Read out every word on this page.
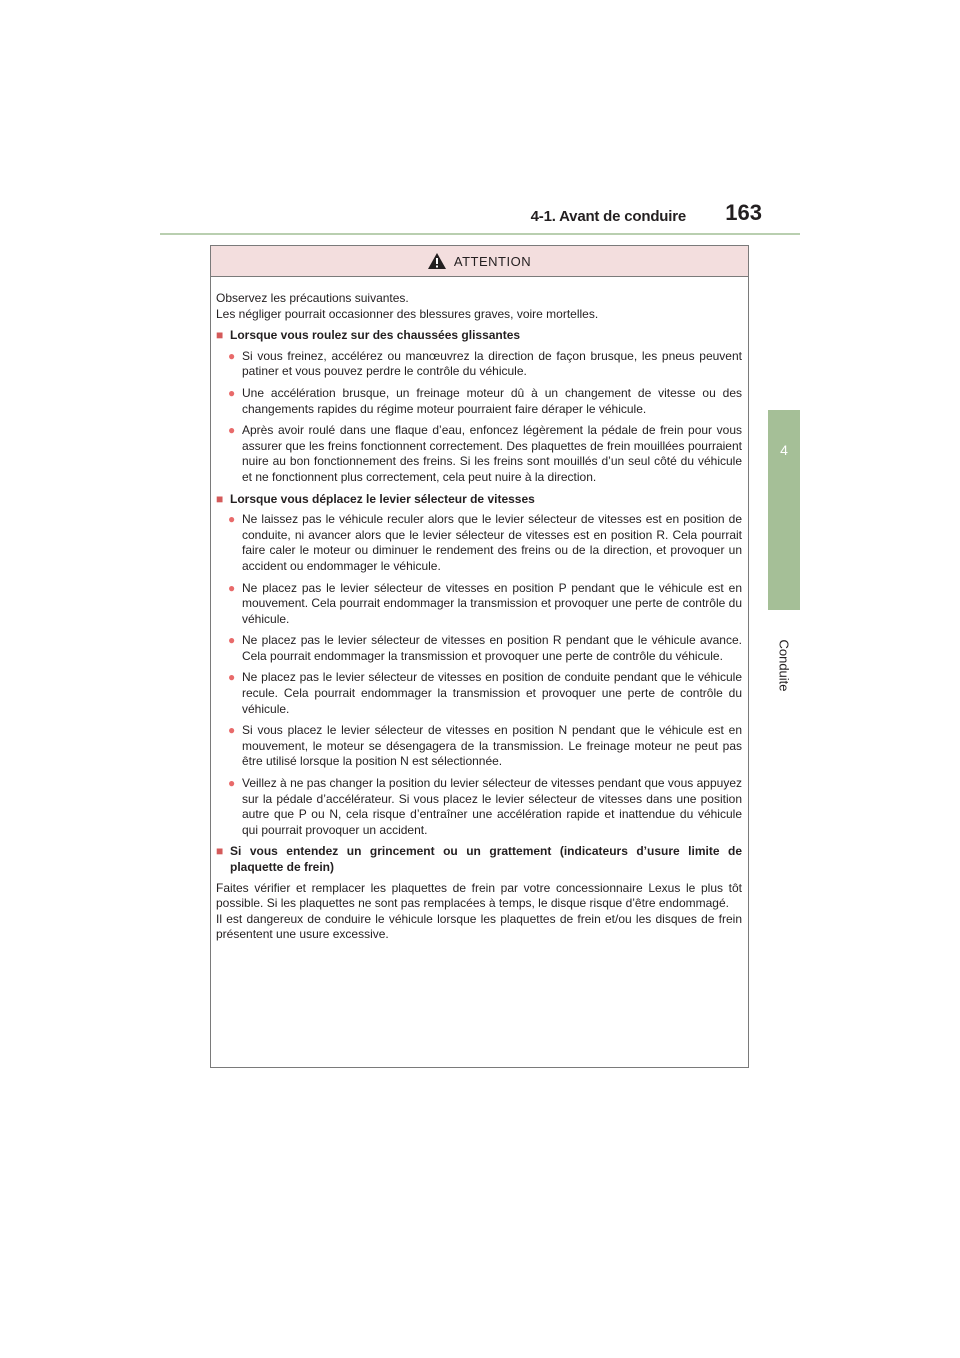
4-1. Avant de conduire 163
4
Conduite
ATTENTION

Observez les précautions suivantes.

Les négliger pourrait occasionner des blessures graves, voire mortelles.

■ Lorsque vous roulez sur des chaussées glissantes
● Si vous freinez, accélérez ou manœuvrez la direction de façon brusque, les pneus peuvent patiner et vous pouvez perdre le contrôle du véhicule.
● Une accélération brusque, un freinage moteur dû à un changement de vitesse ou des changements rapides du régime moteur pourraient faire déraper le véhicule.
● Après avoir roulé dans une flaque d’eau, enfoncez légèrement la pédale de frein pour vous assurer que les freins fonctionnent correctement. Des plaquettes de frein mouillées pourraient nuire au bon fonctionnement des freins. Si les freins sont mouillés d’un seul côté du véhicule et ne fonctionnent plus correctement, cela peut nuire à la direction.
■ Lorsque vous déplacez le levier sélecteur de vitesses
● Ne laissez pas le véhicule reculer alors que le levier sélecteur de vitesses est en position de conduite, ni avancer alors que le levier sélecteur de vitesses est en position R. Cela pourrait faire caler le moteur ou diminuer le rendement des freins ou de la direction, et provoquer un accident ou endommager le véhicule.
● Ne placez pas le levier sélecteur de vitesses en position P pendant que le véhicule est en mouvement. Cela pourrait endommager la transmission et provoquer une perte de contrôle du véhicule.
● Ne placez pas le levier sélecteur de vitesses en position R pendant que le véhicule avance. Cela pourrait endommager la transmission et provoquer une perte de contrôle du véhicule.
● Ne placez pas le levier sélecteur de vitesses en position de conduite pendant que le véhicule recule. Cela pourrait endommager la transmission et provoquer une perte de contrôle du véhicule.
● Si vous placez le levier sélecteur de vitesses en position N pendant que le véhicule est en mouvement, le moteur se désengagera de la transmission. Le freinage moteur ne peut pas être utilisé lorsque la position N est sélectionnée.
● Veillez à ne pas changer la position du levier sélecteur de vitesses pendant que vous appuyez sur la pédale d’accélérateur. Si vous placez le levier sélecteur de vitesses dans une position autre que P ou N, cela risque d’entraîner une accélération rapide et inattendue du véhicule qui pourrait provoquer un accident.
■ Si vous entendez un grincement ou un grattement (indicateurs d’usure limite de plaquette de frein)

Faites vérifier et remplacer les plaquettes de frein par votre concessionnaire Lexus le plus tôt possible. Si les plaquettes ne sont pas remplacées à temps, le disque risque d’être endommagé.

Il est dangereux de conduire le véhicule lorsque les plaquettes de frein et/ou les disques de frein présentent une usure excessive.
